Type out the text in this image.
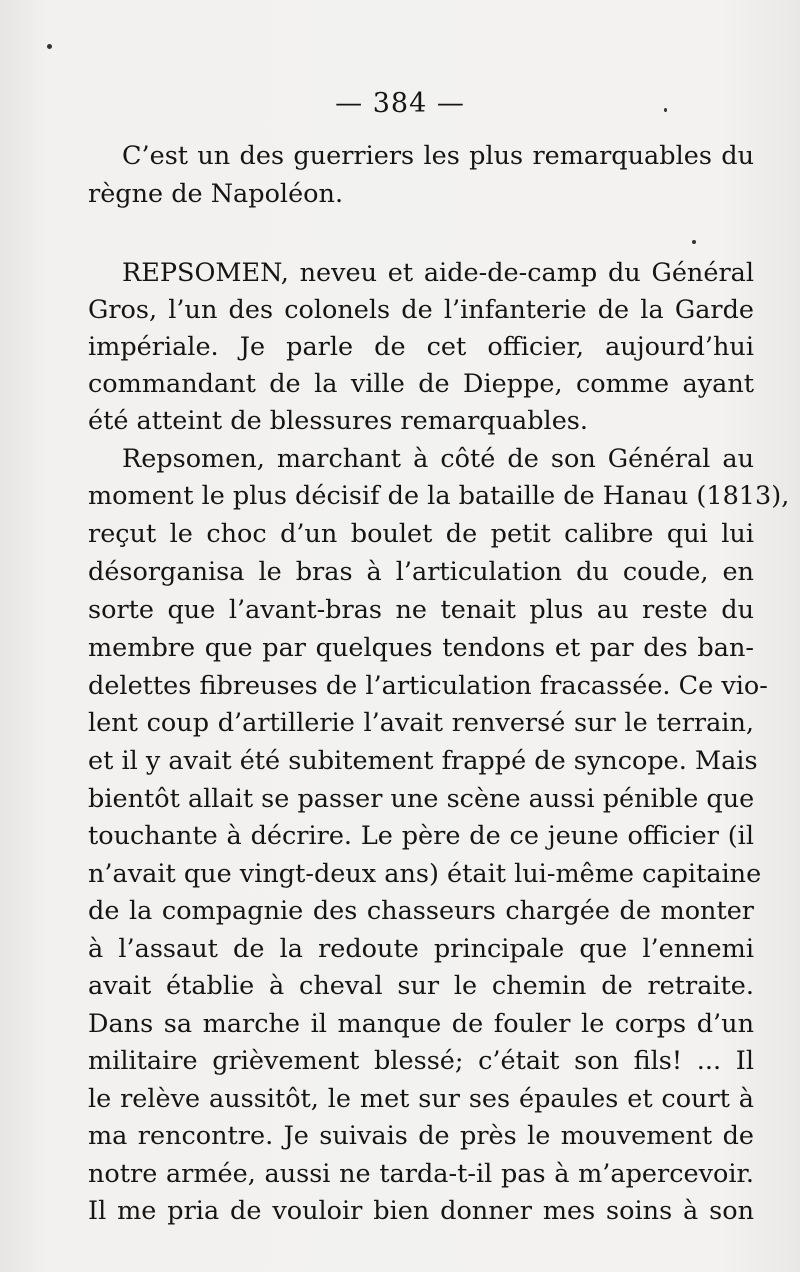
— 384 —
C’est un des guerriers les plus remarquables du
règne de Napoléon.
REPSOMEN, neveu et aide-de-camp du Général
Gros, l’un des colonels de l’infanterie de la Garde
impériale. Je parle de cet officier, aujourd’hui
commandant de la ville de Dieppe, comme ayant
été atteint de blessures remarquables.
Repsomen, marchant à côté de son Général au
moment le plus décisif de la bataille de Hanau (1813),
reçut le choc d’un boulet de petit calibre qui lui
désorganisa le bras à l’articulation du coude, en
sorte que l’avant-bras ne tenait plus au reste du
membre que par quelques tendons et par des ban-
delettes fibreuses de l’articulation fracassée. Ce vio-
lent coup d’artillerie l’avait renversé sur le terrain,
et il y avait été subitement frappé de syncope. Mais
bientôt allait se passer une scène aussi pénible que
touchante à décrire. Le père de ce jeune officier (il
n’avait que vingt-deux ans) était lui-même capitaine
de la compagnie des chasseurs chargée de monter
à l’assaut de la redoute principale que l’ennemi
avait établie à cheval sur le chemin de retraite.
Dans sa marche il manque de fouler le corps d’un
militaire grièvement blessé; c’était son fils! ... Il
le relève aussitôt, le met sur ses épaules et court à
ma rencontre. Je suivais de près le mouvement de
notre armée, aussi ne tarda-t-il pas à m’apercevoir.
Il me pria de vouloir bien donner mes soins à son
